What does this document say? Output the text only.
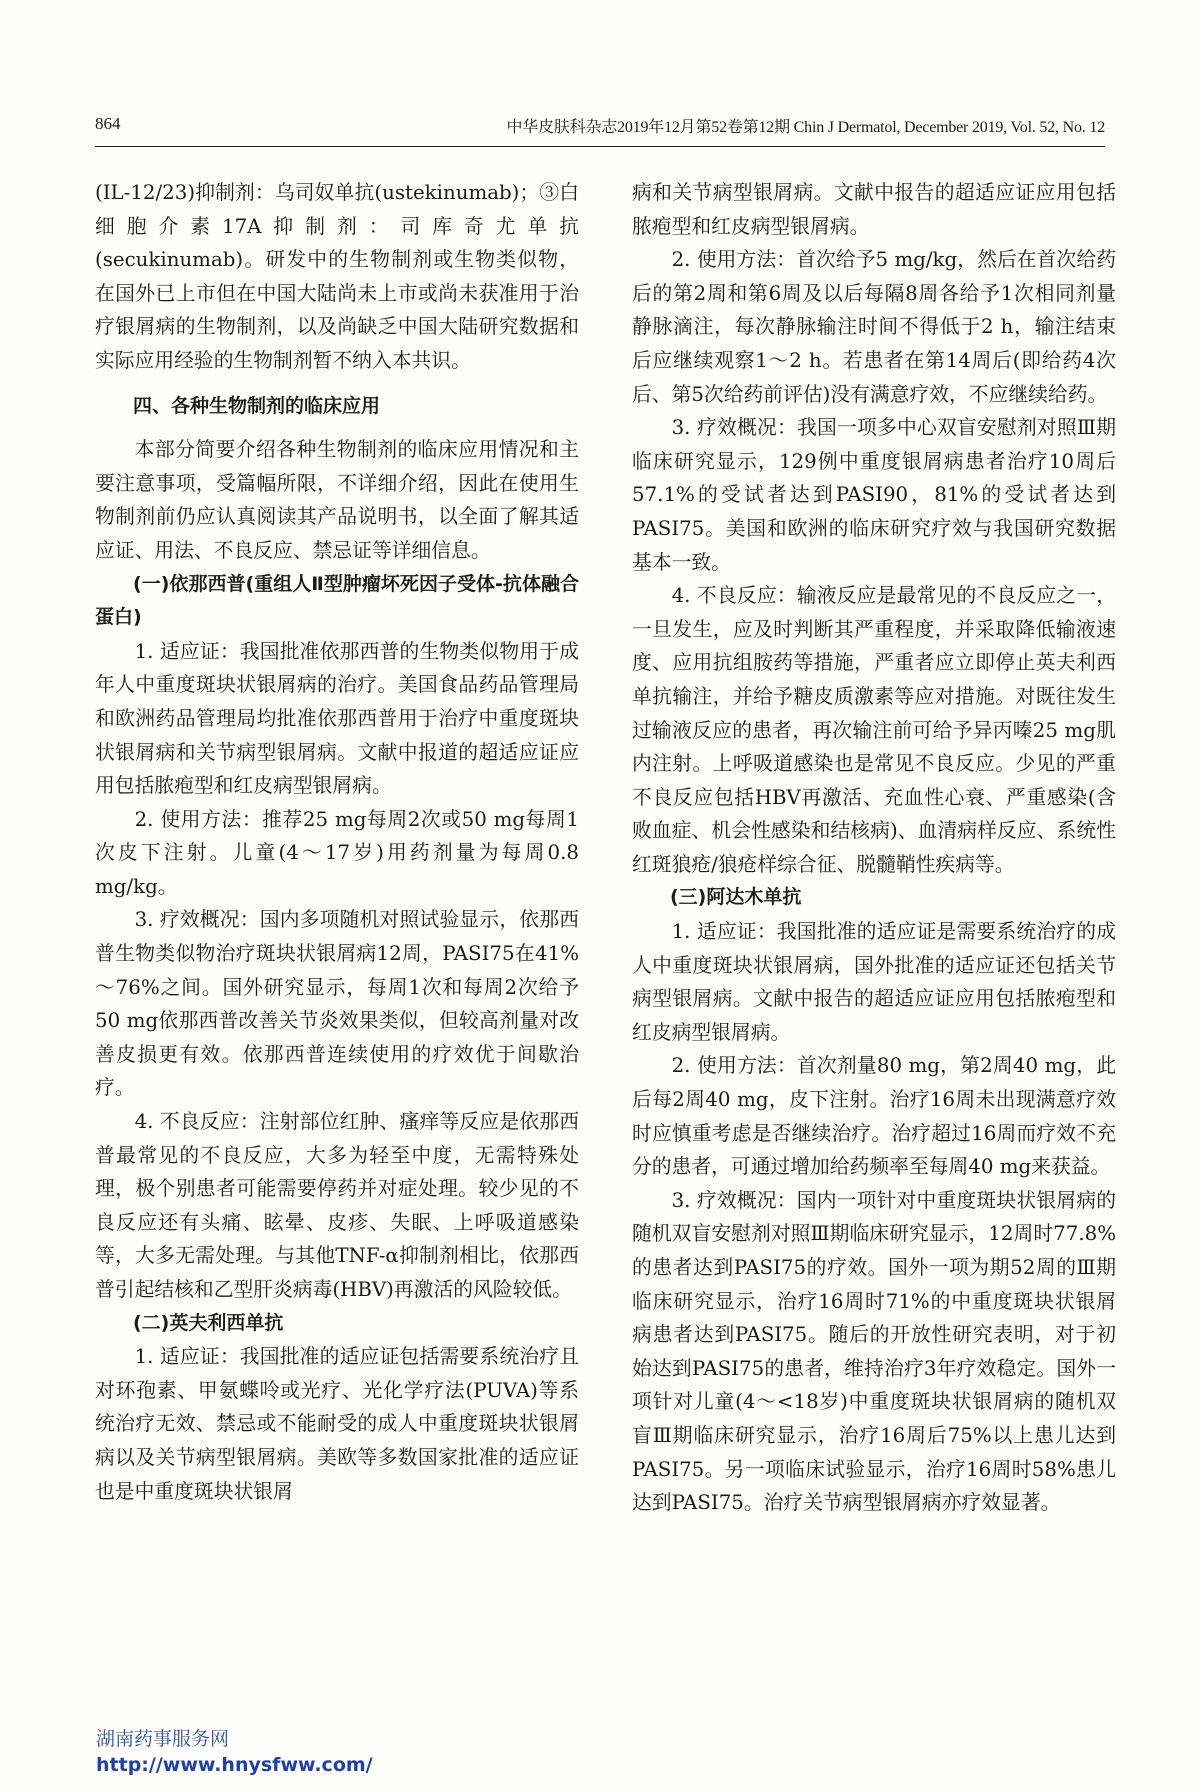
864	中华皮肤科杂志2019年12月第52卷第12期 Chin J Dermatol, December 2019, Vol. 52, No. 12

(IL-12/23)抑制剂：乌司奴单抗(ustekinumab)；③白细胞介素17A抑制剂：司库奇尤单抗(secukinumab)。研发中的生物制剂或生物类似物，在国外已上市但在中国大陆尚未上市或尚未获准用于治疗银屑病的生物制剂，以及尚缺乏中国大陆研究数据和实际应用经验的生物制剂暂不纳入本共识。

四、各种生物制剂的临床应用

本部分简要介绍各种生物制剂的临床应用情况和主要注意事项，受篇幅所限，不详细介绍，因此在使用生物制剂前仍应认真阅读其产品说明书，以全面了解其适应证、用法、不良反应、禁忌证等详细信息。

(一)依那西普(重组人Ⅱ型肿瘤坏死因子受体-抗体融合蛋白)

1. 适应证：我国批准依那西普的生物类似物用于成年人中重度斑块状银屑病的治疗。美国食品药品管理局和欧洲药品管理局均批准依那西普用于治疗中重度斑块状银屑病和关节病型银屑病。文献中报道的超适应证应用包括脓疱型和红皮病型银屑病。

2. 使用方法：推荐25 mg每周2次或50 mg每周1次皮下注射。儿童(4～17岁)用药剂量为每周0.8 mg/kg。

3. 疗效概况：国内多项随机对照试验显示，依那西普生物类似物治疗斑块状银屑病12周，PASI75在41%～76%之间。国外研究显示，每周1次和每周2次给予50 mg依那西普改善关节炎效果类似，但较高剂量对改善皮损更有效。依那西普连续使用的疗效优于间歇治疗。

4. 不良反应：注射部位红肿、瘙痒等反应是依那西普最常见的不良反应，大多为轻至中度，无需特殊处理，极个别患者可能需要停药并对症处理。较少见的不良反应还有头痛、眩晕、皮疹、失眠、上呼吸道感染等，大多无需处理。与其他TNF-α抑制剂相比，依那西普引起结核和乙型肝炎病毒(HBV)再激活的风险较低。

(二)英夫利西单抗

1. 适应证：我国批准的适应证包括需要系统治疗且对环孢素、甲氨蝶呤或光疗、光化学疗法(PUVA)等系统治疗无效、禁忌或不能耐受的成人中重度斑块状银屑病以及关节病型银屑病。美欧等多数国家批准的适应证也是中重度斑块状银屑

病和关节病型银屑病。文献中报告的超适应证应用包括脓疱型和红皮病型银屑病。

2. 使用方法：首次给予5 mg/kg，然后在首次给药后的第2周和第6周及以后每隔8周各给予1次相同剂量静脉滴注，每次静脉输注时间不得低于2 h，输注结束后应继续观察1～2 h。若患者在第14周后(即给药4次后、第5次给药前评估)没有满意疗效，不应继续给药。

3. 疗效概况：我国一项多中心双盲安慰剂对照Ⅲ期临床研究显示，129例中重度银屑病患者治疗10周后57.1%的受试者达到PASI90，81%的受试者达到PASI75。美国和欧洲的临床研究疗效与我国研究数据基本一致。

4. 不良反应：输液反应是最常见的不良反应之一，一旦发生，应及时判断其严重程度，并采取降低输液速度、应用抗组胺药等措施，严重者应立即停止英夫利西单抗输注，并给予糖皮质激素等应对措施。对既往发生过输液反应的患者，再次输注前可给予异丙嗪25 mg肌内注射。上呼吸道感染也是常见不良反应。少见的严重不良反应包括HBV再激活、充血性心衰、严重感染(含败血症、机会性感染和结核病)、血清病样反应、系统性红斑狼疮/狼疮样综合征、脱髓鞘性疾病等。

(三)阿达木单抗

1. 适应证：我国批准的适应证是需要系统治疗的成人中重度斑块状银屑病，国外批准的适应证还包括关节病型银屑病。文献中报告的超适应证应用包括脓疱型和红皮病型银屑病。

2. 使用方法：首次剂量80 mg，第2周40 mg，此后每2周40 mg，皮下注射。治疗16周未出现满意疗效时应慎重考虑是否继续治疗。治疗超过16周而疗效不充分的患者，可通过增加给药频率至每周40 mg来获益。

3. 疗效概况：国内一项针对中重度斑块状银屑病的随机双盲安慰剂对照Ⅲ期临床研究显示，12周时77.8%的患者达到PASI75的疗效。国外一项为期52周的Ⅲ期临床研究显示，治疗16周时71%的中重度斑块状银屑病患者达到PASI75。随后的开放性研究表明，对于初始达到PASI75的患者，维持治疗3年疗效稳定。国外一项针对儿童(4～<18岁)中重度斑块状银屑病的随机双盲Ⅲ期临床研究显示，治疗16周后75%以上患儿达到PASI75。另一项临床试验显示，治疗16周时58%患儿达到PASI75。治疗关节病型银屑病亦疗效显著。

湖南药事服务网
http://www.hnysfww.com/
